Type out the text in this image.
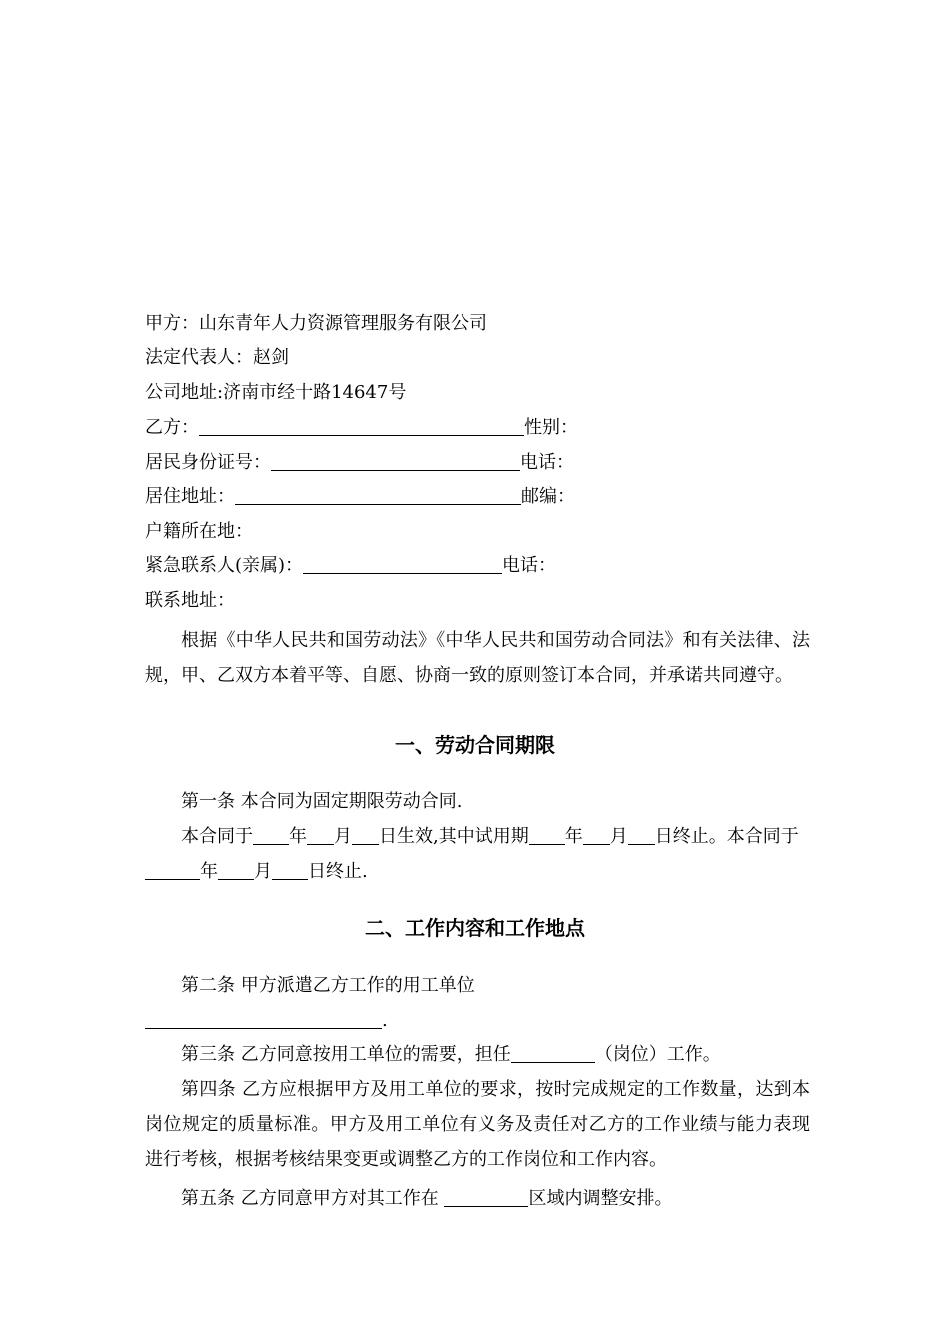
甲方：山东青年人力资源管理服务有限公司
法定代表人：赵剑
公司地址:济南市经十路14647号
乙方：	性别：
居民身份证号：	电话：
居住地址：	邮编：
户籍所在地：
紧急联系人(亲属)：	电话：
联系地址：
根据《中华人民共和国劳动法》《中华人民共和国劳动合同法》和有关法律、法规，甲、乙双方本着平等、自愿、协商一致的原则签订本合同，并承诺共同遵守。
一、劳动合同期限
第一条 本合同为固定期限劳动合同.
本合同于 年 月 日生效,其中试用期 年 月 日终止。本合同于
年 月 日终止.
二、工作内容和工作地点
第二条 甲方派遣乙方工作的用工单位
.
第三条 乙方同意按用工单位的需要，担任	（岗位）工作。
第四条 乙方应根据甲方及用工单位的要求，按时完成规定的工作数量，达到本岗位规定的质量标准。甲方及用工单位有义务及责任对乙方的工作业绩与能力表现进行考核，根据考核结果变更或调整乙方的工作岗位和工作内容。
第五条 乙方同意甲方对其工作在	区域内调整安排。
